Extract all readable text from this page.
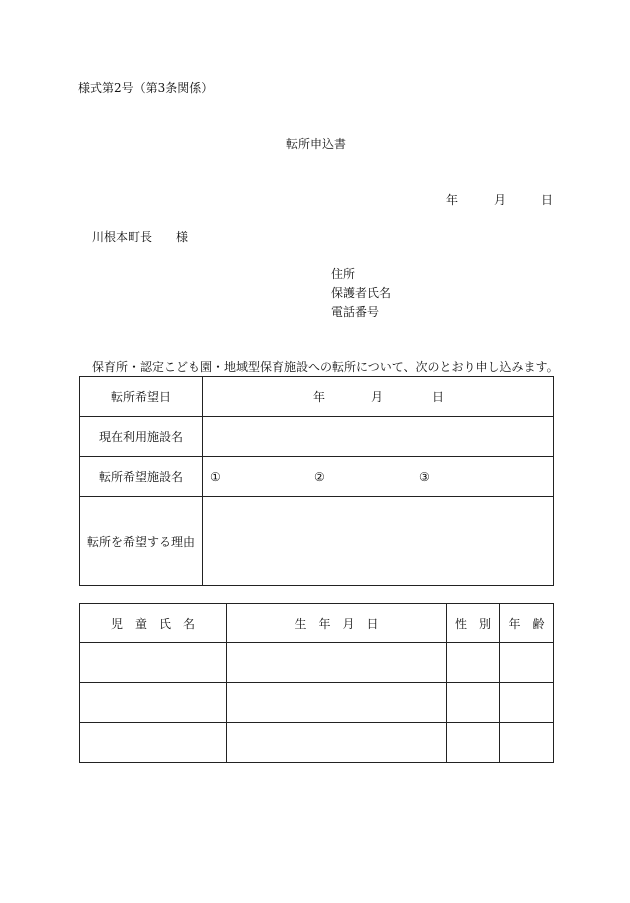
様式第2号（第3条関係）
転所申込書
年	月	日
川根本町長　　様
住所
保護者氏名
電話番号
保育所・認定こども園・地域型保育施設への転所について、次のとおり申し込みます。
転所希望日	年 月 日

現在利用施設名	
転所希望施設名	① ② ③

転所を希望する理由	
児　童　氏　名	生　年　月　日	性　別	年　齢
